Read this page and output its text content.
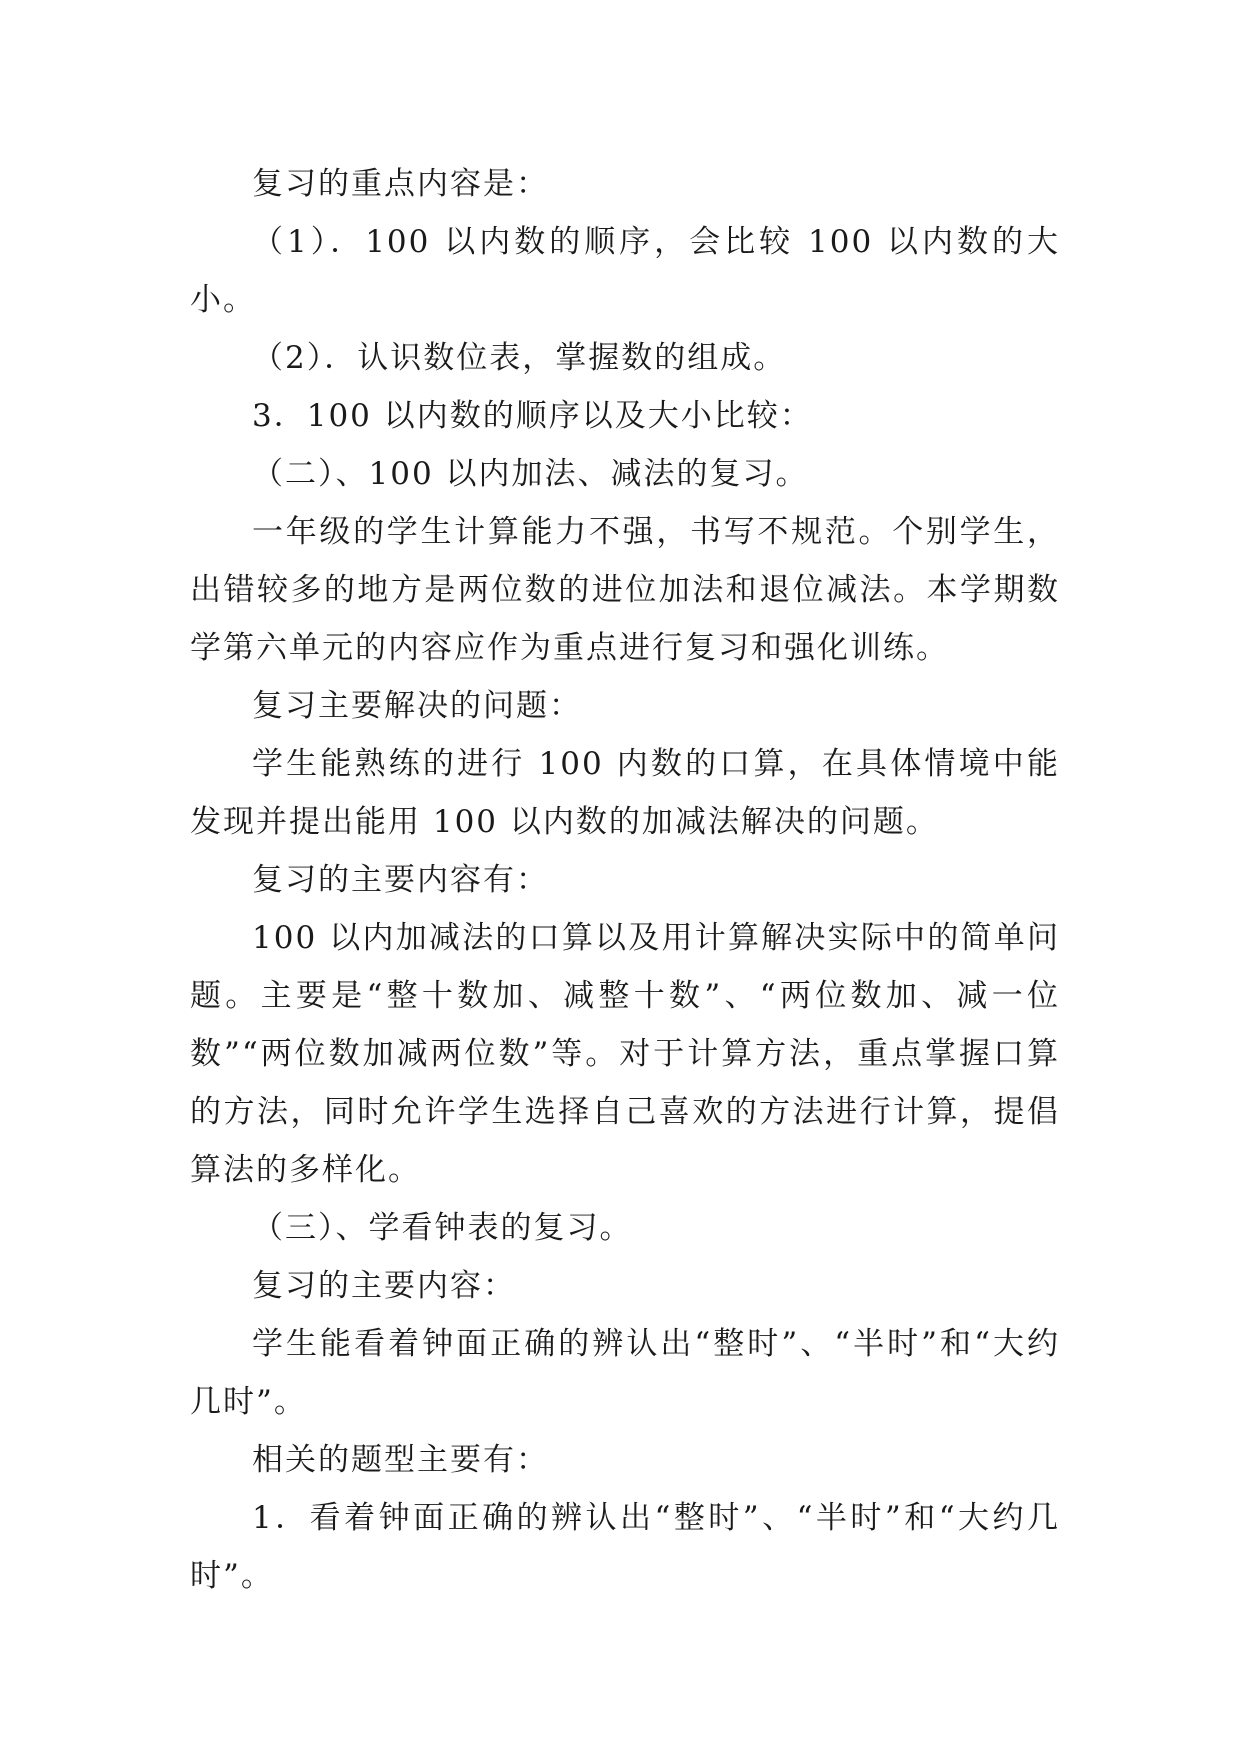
复习的重点内容是：

（1）．100 以内数的顺序，会比较 100 以内数的大小。

（2）．认识数位表，掌握数的组成。

3．100 以内数的顺序以及大小比较：

（二）、100 以内加法、减法的复习。

一年级的学生计算能力不强，书写不规范。个别学生，出错较多的地方是两位数的进位加法和退位减法。本学期数学第六单元的内容应作为重点进行复习和强化训练。

复习主要解决的问题：

学生能熟练的进行 100 内数的口算，在具体情境中能发现并提出能用 100 以内数的加减法解决的问题。

复习的主要内容有：

100 以内加减法的口算以及用计算解决实际中的简单问题。主要是“整十数加、减整十数”、“两位数加、减一位数”“两位数加减两位数”等。对于计算方法，重点掌握口算的方法，同时允许学生选择自己喜欢的方法进行计算，提倡算法的多样化。

（三）、学看钟表的复习。

复习的主要内容：

学生能看着钟面正确的辨认出“整时”、“半时”和“大约几时”。

相关的题型主要有：

1．看着钟面正确的辨认出“整时”、“半时”和“大约几时”。
